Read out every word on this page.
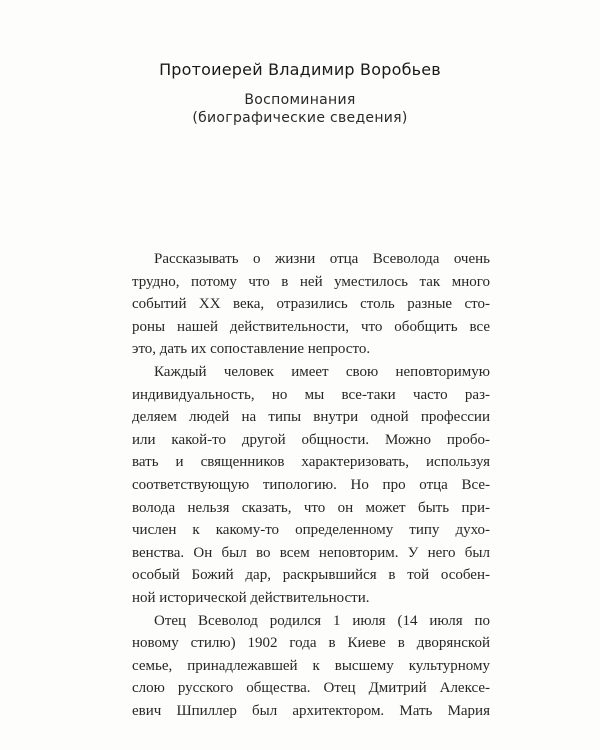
Протоиерей Владимир Воробьев
Воспоминания
(биографические сведения)
Рассказывать о жизни отца Всеволода очень
трудно, потому что в ней уместилось так много
событий XX века, отразились столь разные сто-
роны нашей действительности, что обобщить все
это, дать их сопоставление непросто.
Каждый человек имеет свою неповторимую
индивидуальность, но мы все-таки часто раз-
деляем людей на типы внутри одной профессии
или какой-то другой общности. Можно пробо-
вать и священников характеризовать, используя
соответствующую типологию. Но про отца Все-
волода нельзя сказать, что он может быть при-
числен к какому-то определенному типу духо-
венства. Он был во всем неповторим. У него был
особый Божий дар, раскрывшийся в той особен-
ной исторической действительности.
Отец Всеволод родился 1 июля (14 июля по
новому стилю) 1902 года в Киеве в дворянской
семье, принадлежавшей к высшему культурному
слою русского общества. Отец Дмитрий Алексе-
евич Шпиллер был архитектором. Мать Мария
